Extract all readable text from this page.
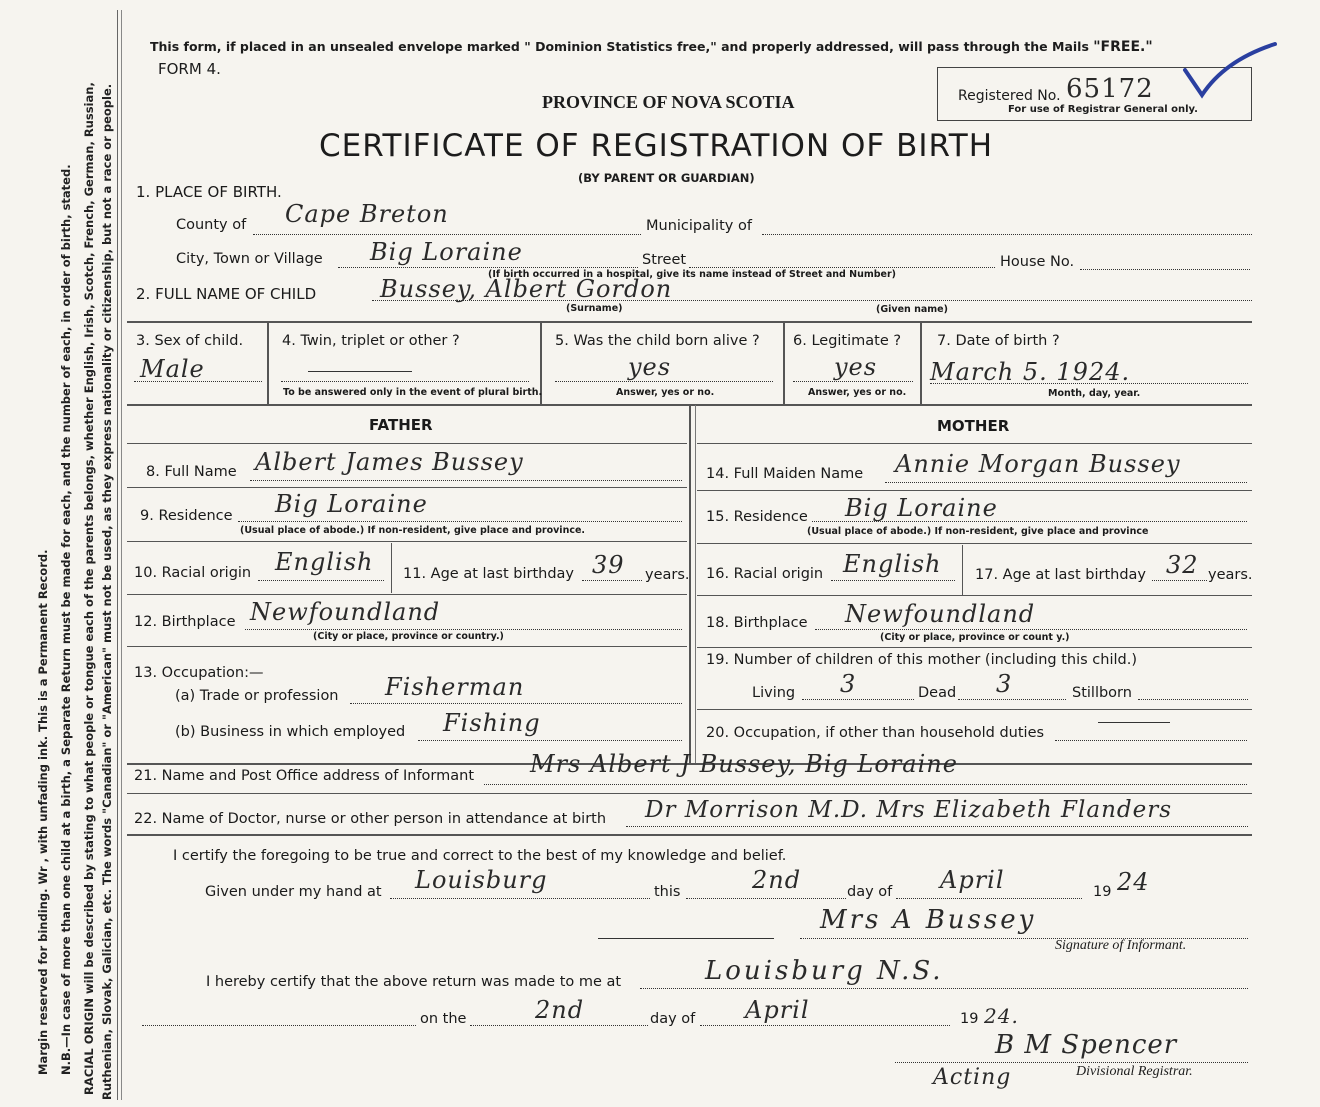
Margin reserved for binding. Wr , with unfading ink. This is a Permanent Record. N.B.—In case of more than one child at a birth, a Separate Return must be made for each, and the number of each, in order of birth, stated. RACIAL ORIGIN will be described by stating to what people or tongue each of the parents belongs, whether English, Irish, Scotch, French, German, Russian, Ruthenian, Slovak, Galician, etc. The words "Canadian" or "American" must not be used, as they express nationality or citizenship, but not a race or people.
This form, if placed in an unsealed envelope marked " Dominion Statistics free," and properly addressed, will pass through the Mails "FREE."
FORM 4.
PROVINCE OF NOVA SCOTIA	Registered No. 65172
For use of Registrar General only.
CERTIFICATE OF REGISTRATION OF BIRTH
(BY PARENT OR GUARDIAN)
1. PLACE OF BIRTH.
County of Cape Breton	Municipality of
City, Town or Village Big Loraine	Street	House No.
(If birth occurred in a hospital, give its name instead of Street and Number)
2. FULL NAME OF CHILD	Bussey, Albert Gordon
(Surname)	(Given name)
3. Sex of child.
Male
4. Twin, triplet or other ?
To be answered only in the event of plural birth.
5. Was the child born alive ?
yes
Answer, yes or no.
6. Legitimate ?
yes
Answer, yes or no.
7. Date of birth ?
March 5. 1924.
Month, day, year.
FATHER	MOTHER
8. Full Name Albert James Bussey	14. Full Maiden Name Annie Morgan Bussey
9. Residence Big Loraine
(Usual place of abode.) If non-resident, give place and province.
15. Residence Big Loraine
(Usual place of abode.) If non-resident, give place and province
10. Racial origin English 11. Age at last birthday 39 years. 16. Racial origin English 17. Age at last birthday 32 years.
12. Birthplace Newfoundland
(City or place, province or country.)
18. Birthplace Newfoundland
(City or place, province or count y.)
13. Occupation:—
(a) Trade or profession Fisherman
(b) Business in which employed Fishing
19. Number of children of this mother (including this child.)
Living 3	Dead 3	Stillborn
20. Occupation, if other than household duties
21. Name and Post Office address of Informant Mrs Albert J Bussey, Big Loraine
22. Name of Doctor, nurse or other person in attendance at birth Dr Morrison M.D. Mrs Elizabeth Flanders
I certify the foregoing to be true and correct to the best of my knowledge and belief.
Given under my hand at Louisburg	this	2nd	day of April	19 24
Mrs A Bussey
Signature of Informant.
I hereby certify that the above return was made to me at	Louisburg N.S.
on the	2nd	day of April	19 24.
B M Spencer
Acting	Divisional Registrar.
